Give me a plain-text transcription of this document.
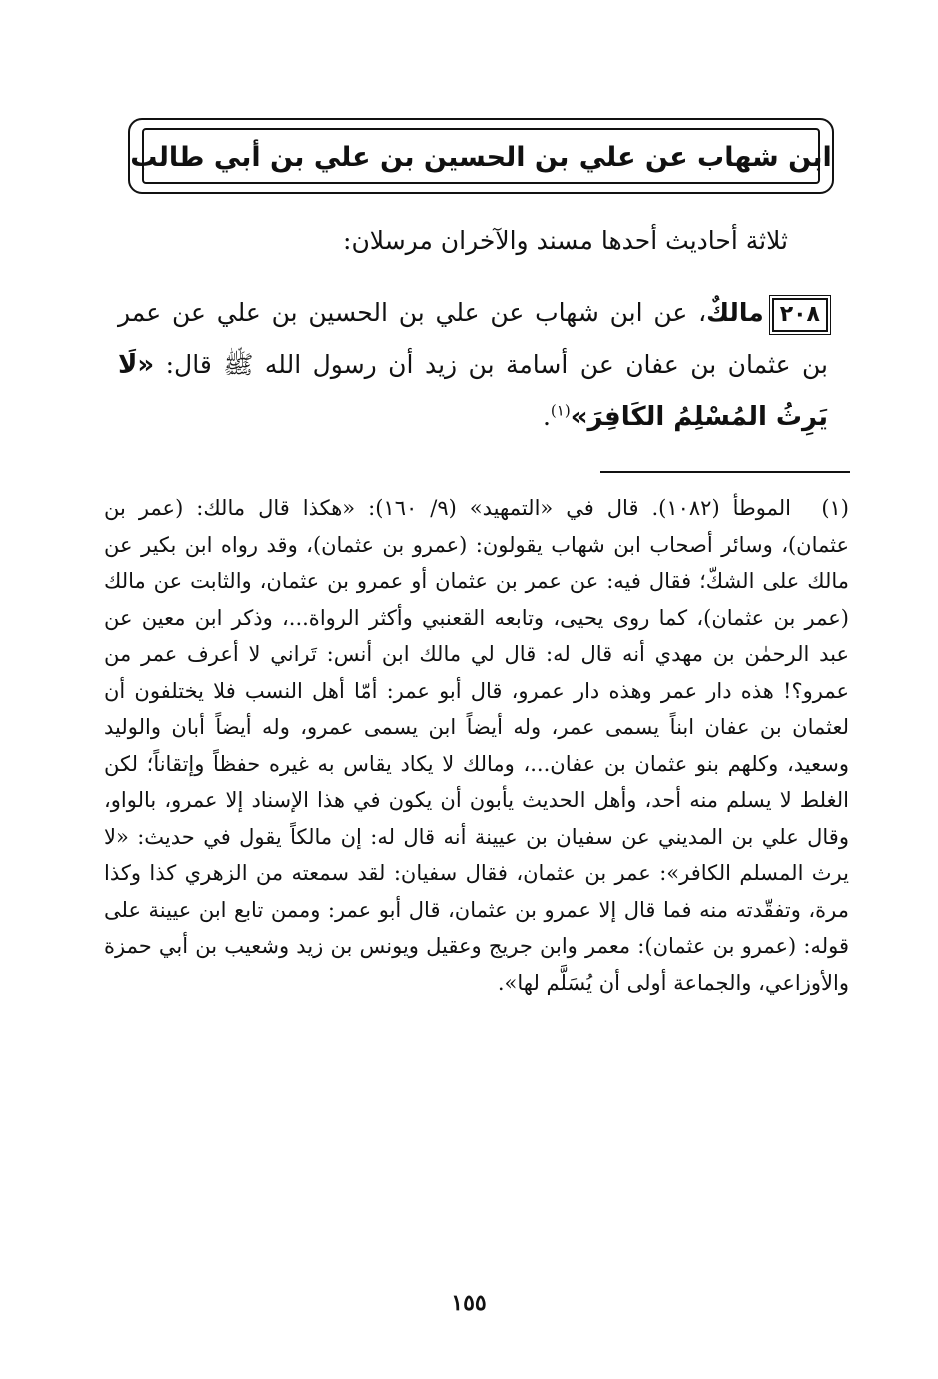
ابن شهاب عن علي بن الحسين بن علي بن أبي طالب
ثلاثة أحاديث أحدها مسند والآخران مرسلان:
٢٠٨مالكٌ، عن ابن شهاب عن علي بن الحسين بن علي عن عمر بن عثمان بن عفان عن أسامة بن زيد أن رسول الله ﷺ قال: «لَا يَرِثُ المُسْلِمُ الكَافِرَ»$^{(١)}$.
(١)الموطأ (١٠٨٢). قال في «التمهيد» (٩/ ١٦٠): «هكذا قال مالك: (عمر بن عثمان)، وسائر أصحاب ابن شهاب يقولون: (عمرو بن عثمان)، وقد رواه ابن بكير عن مالك على الشكّ؛ فقال فيه: عن عمر بن عثمان أو عمرو بن عثمان، والثابت عن مالك (عمر بن عثمان)، كما روى يحيى، وتابعه القعنبي وأكثر الرواة...، وذكر ابن معين عن عبد الرحمٰن بن مهدي أنه قال له: قال لي مالك ابن أنس: تَراني لا أعرف عمر من عمرو؟! هذه دار عمر وهذه دار عمرو، قال أبو عمر: أمّا أهل النسب فلا يختلفون أن لعثمان بن عفان ابناً يسمى عمر، وله أيضاً ابن يسمى عمرو، وله أيضاً أبان والوليد وسعيد، وكلهم بنو عثمان بن عفان...، ومالك لا يكاد يقاس به غيره حفظاً وإتقاناً؛ لكن الغلط لا يسلم منه أحد، وأهل الحديث يأبون أن يكون في هذا الإسناد إلا عمرو، بالواو، وقال علي بن المديني عن سفيان بن عيينة أنه قال له: إن مالكاً يقول في حديث: «لا يرث المسلم الكافر»: عمر بن عثمان، فقال سفيان: لقد سمعته من الزهري كذا وكذا مرة، وتفقّدته منه فما قال إلا عمرو بن عثمان، قال أبو عمر: وممن تابع ابن عيينة على قوله: (عمرو بن عثمان): معمر وابن جريج وعقيل ويونس بن زيد وشعيب بن أبي حمزة والأوزاعي، والجماعة أولى أن يُسَلَّم لها».
١٥٥
